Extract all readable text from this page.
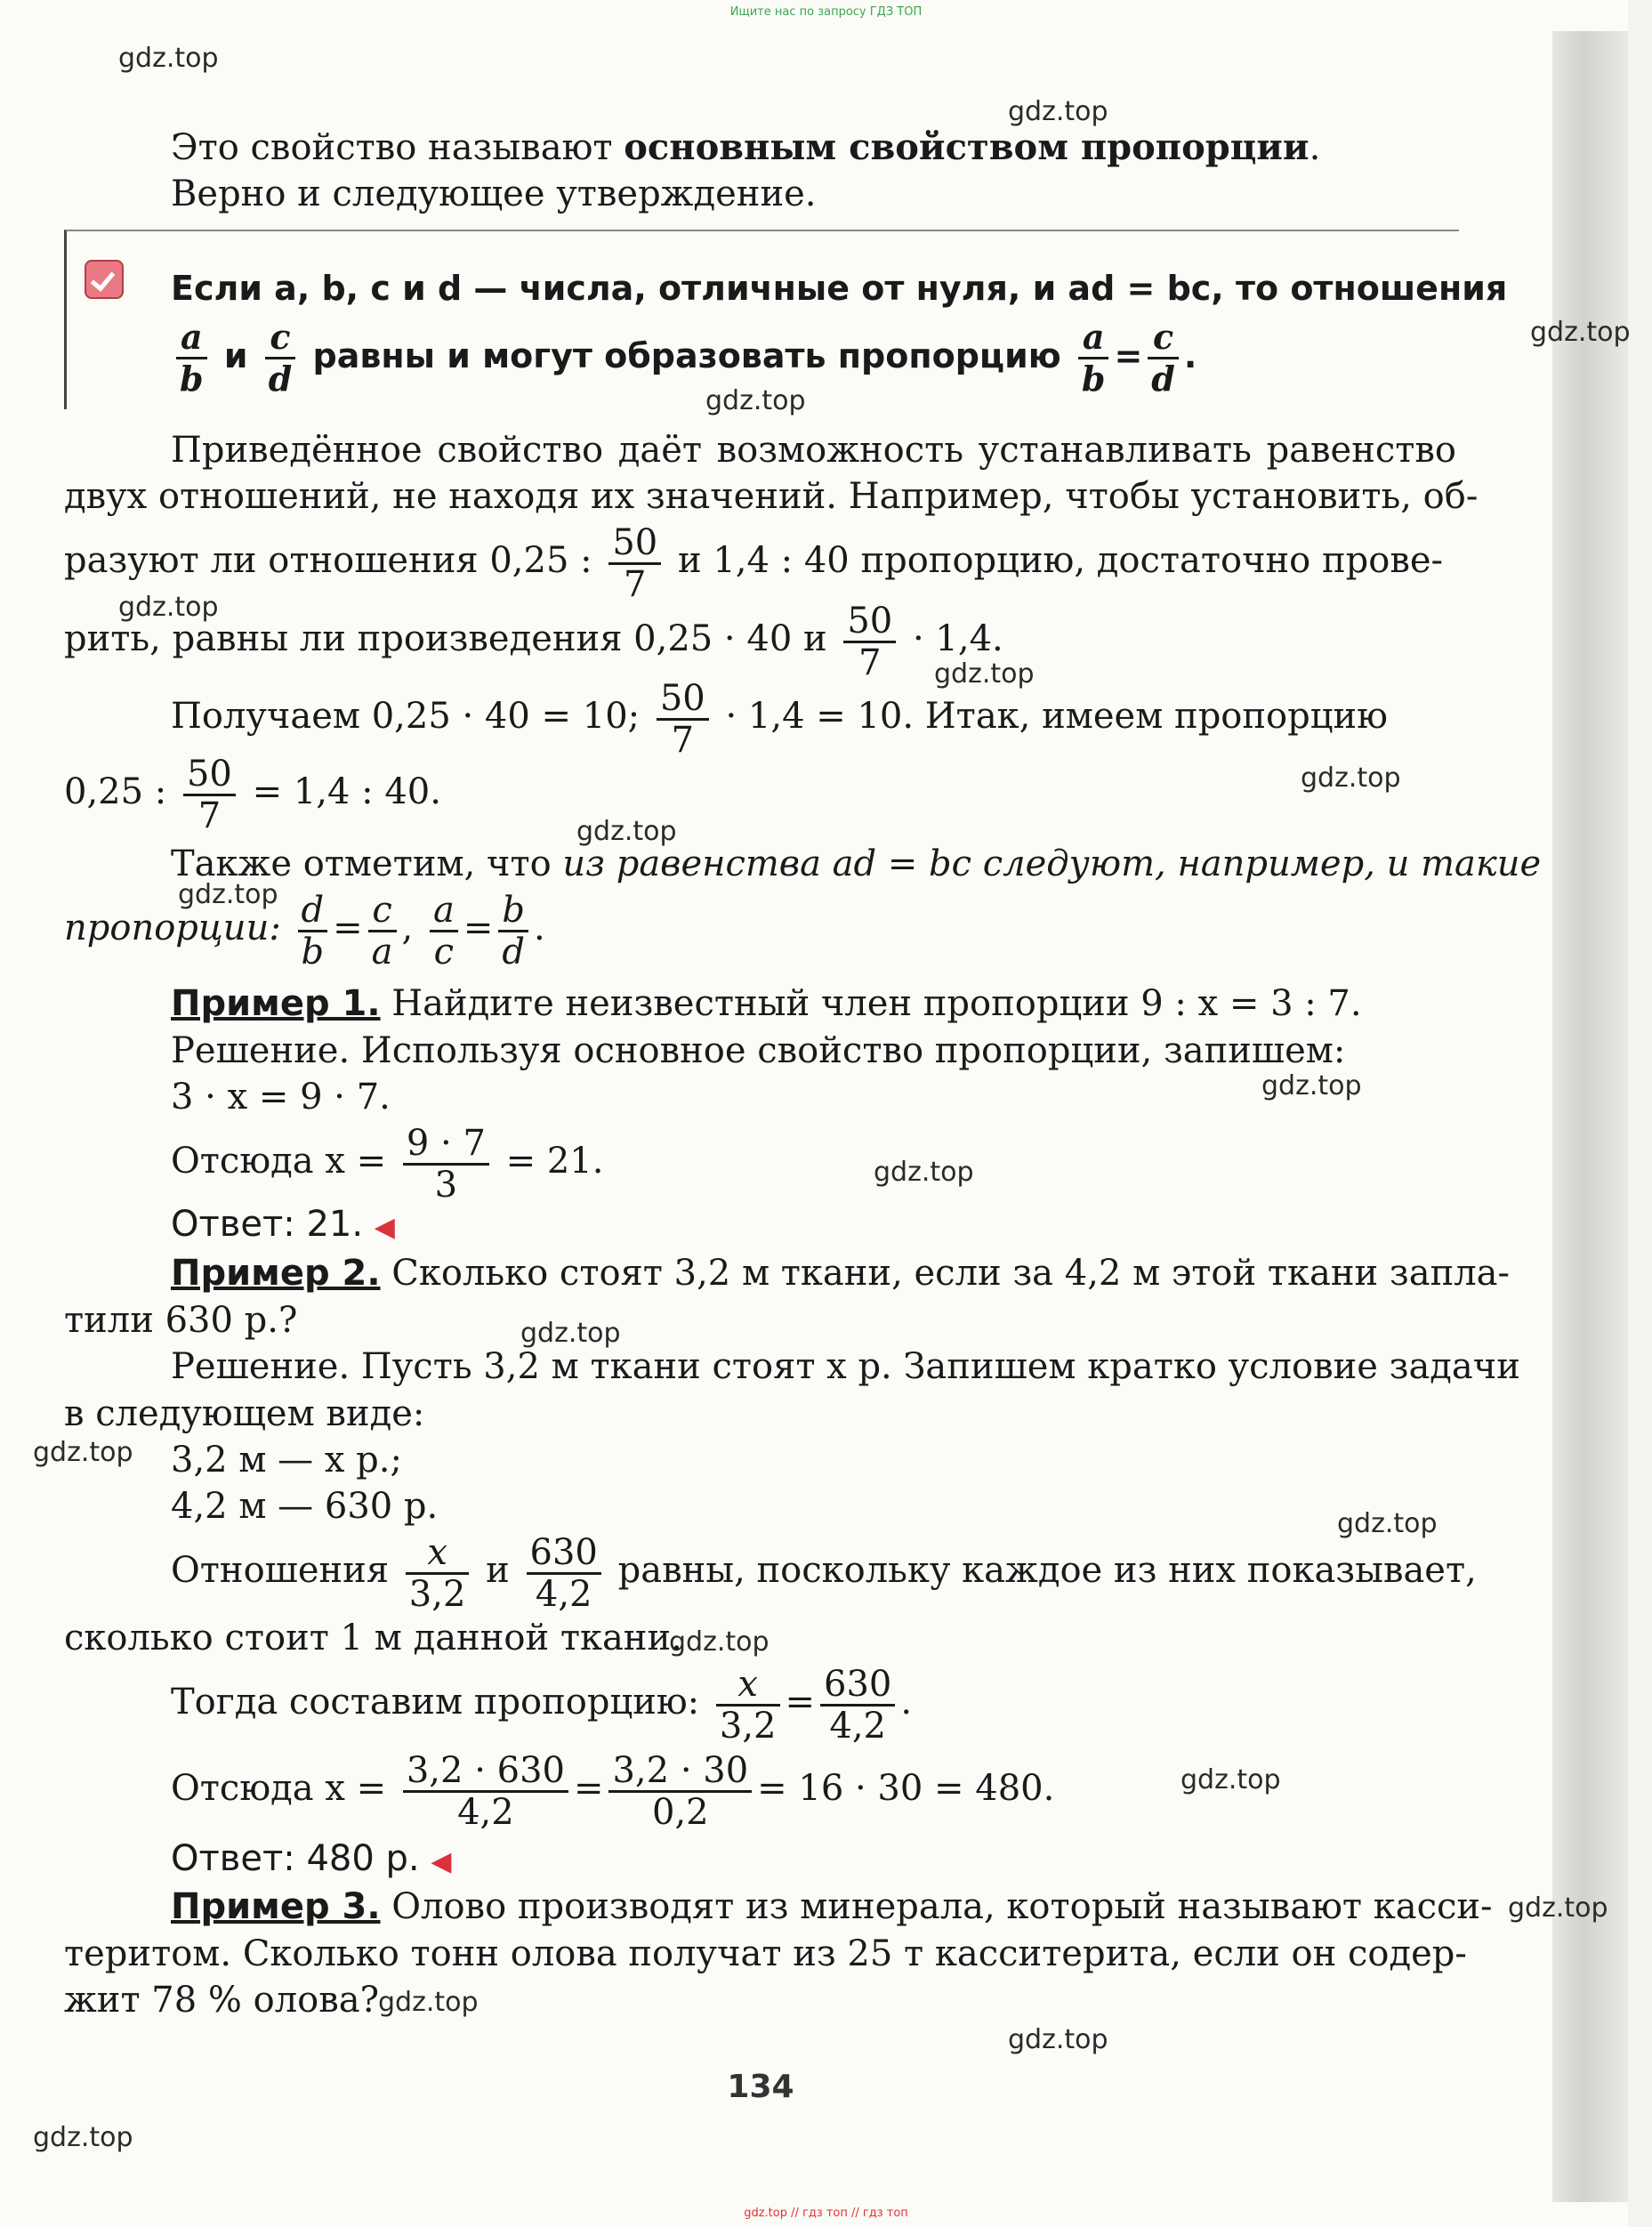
Ищите нас по запросу ГДЗ ТОП
gdz.top
gdz.top
gdz.top
gdz.top
gdz.top
gdz.top
gdz.top
gdz.top
gdz.top
gdz.top
gdz.top
gdz.top
gdz.top
gdz.top
gdz.top
gdz.top
gdz.top
gdz.top
gdz.top
gdz.top
Это свойство называют основным свойством пропорции.
Верно и следующее утверждение.
Если a, b, c и d — числа, отличные от нуля, и ad = bc, то отношения
$\frac{a}{b}$ и $\frac{c}{d}$ равны и могут образовать пропорцию $\frac{a}{b} = \frac{c}{d}$ .
Приведённое свойство даёт возможность устанавливать равенство
двух отношений, не находя их значений. Например, чтобы установить, об-
разуют ли отношения 0,25 : $\frac{50}{7}$ и 1,4 : 40 пропорцию, достаточно прове-
рить, равны ли произведения 0,25 · 40 и $\frac{50}{7} \cdot 1,4$.
Получаем 0,25 · 40 = 10; $\frac{50}{7} \cdot 1,4 = 10$. Итак, имеем пропорцию
0,25 : $\frac{50}{7} = 1,4$ : 40.
Также отметим, что из равенства ad = bc следуют, например, и такие
пропорции: $\frac{d}{b} = \frac{c}{a}$ , $\frac{a}{c} = \frac{b}{d}$ .
Пример 1. Найдите неизвестный член пропорции 9 : x = 3 : 7.
Решение. Используя основное свойство пропорции, запишем:
3 · x = 9 · 7.
Отсюда $x = \frac{9 \cdot 7}{3} = 21$.
Ответ: 21. ◀
Пример 2. Сколько стоят 3,2 м ткани, если за 4,2 м этой ткани запла-
тили 630 р.?
Решение. Пусть 3,2 м ткани стоят x р. Запишем кратко условие задачи
в следующем виде:
3,2 м — x р.;
4,2 м — 630 р.
Отношения $\frac{x}{3,2}$ и $\frac{630}{4,2}$ равны, поскольку каждое из них показывает,
сколько стоит 1 м данной ткани.
Тогда составим пропорцию: $\frac{x}{3,2} = \frac{630}{4,2}$ .
Отсюда $x = \frac{3,2 \cdot 630}{4,2} = \frac{3,2 \cdot 30}{0,2} = 16 \cdot 30 = 480$.
Ответ: 480 р. ◀
Пример 3. Олово производят из минерала, который называют касси-
теритом. Сколько тонн олова получат из 25 т касситерита, если он содер-
жит 78 % олова?
134
gdz.top // гдз топ // гдз топ
